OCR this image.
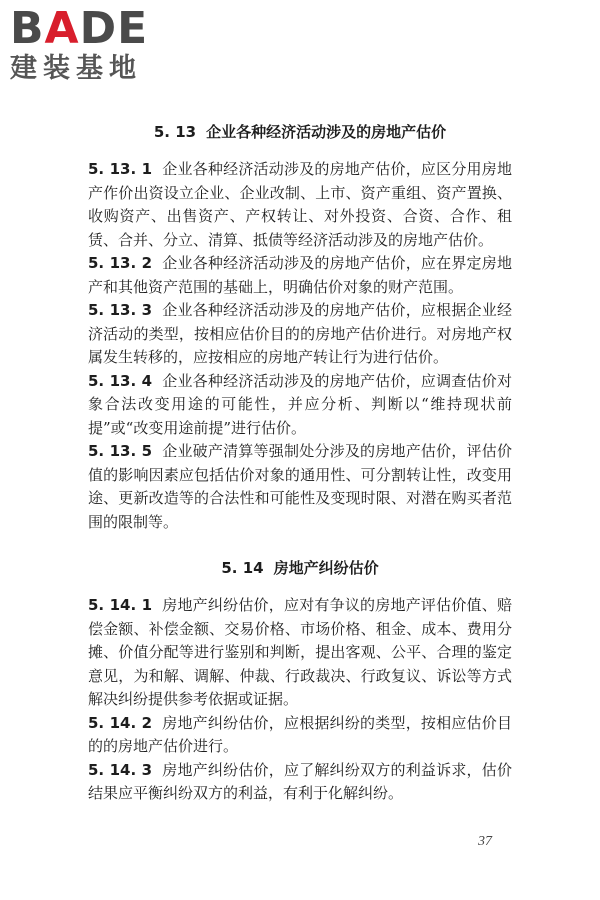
B A DE
建装基地
5. 13 企业各种经济活动涉及的房地产估价

5. 13. 1 企业各种经济活动涉及的房地产估价，应区分用房地产作价出资设立企业、企业改制、上市、资产重组、资产置换、收购资产、出售资产、产权转让、对外投资、合资、合作、租赁、合并、分立、清算、抵债等经济活动涉及的房地产估价。

5. 13. 2 企业各种经济活动涉及的房地产估价，应在界定房地产和其他资产范围的基础上，明确估价对象的财产范围。

5. 13. 3 企业各种经济活动涉及的房地产估价，应根据企业经济活动的类型，按相应估价目的的房地产估价进行。对房地产权属发生转移的，应按相应的房地产转让行为进行估价。

5. 13. 4 企业各种经济活动涉及的房地产估价，应调查估价对象合法改变用途的可能性，并应分析、判断以“维持现状前提”或“改变用途前提”进行估价。

5. 13. 5 企业破产清算等强制处分涉及的房地产估价，评估价值的影响因素应包括估价对象的通用性、可分割转让性，改变用途、更新改造等的合法性和可能性及变现时限、对潜在购买者范围的限制等。

5. 14 房地产纠纷估价

5. 14. 1 房地产纠纷估价，应对有争议的房地产评估价值、赔偿金额、补偿金额、交易价格、市场价格、租金、成本、费用分摊、价值分配等进行鉴别和判断，提出客观、公平、合理的鉴定意见，为和解、调解、仲裁、行政裁决、行政复议、诉讼等方式解决纠纷提供参考依据或证据。

5. 14. 2 房地产纠纷估价，应根据纠纷的类型，按相应估价目的的房地产估价进行。

5. 14. 3 房地产纠纷估价，应了解纠纷双方的利益诉求，估价结果应平衡纠纷双方的利益，有利于化解纠纷。

37
